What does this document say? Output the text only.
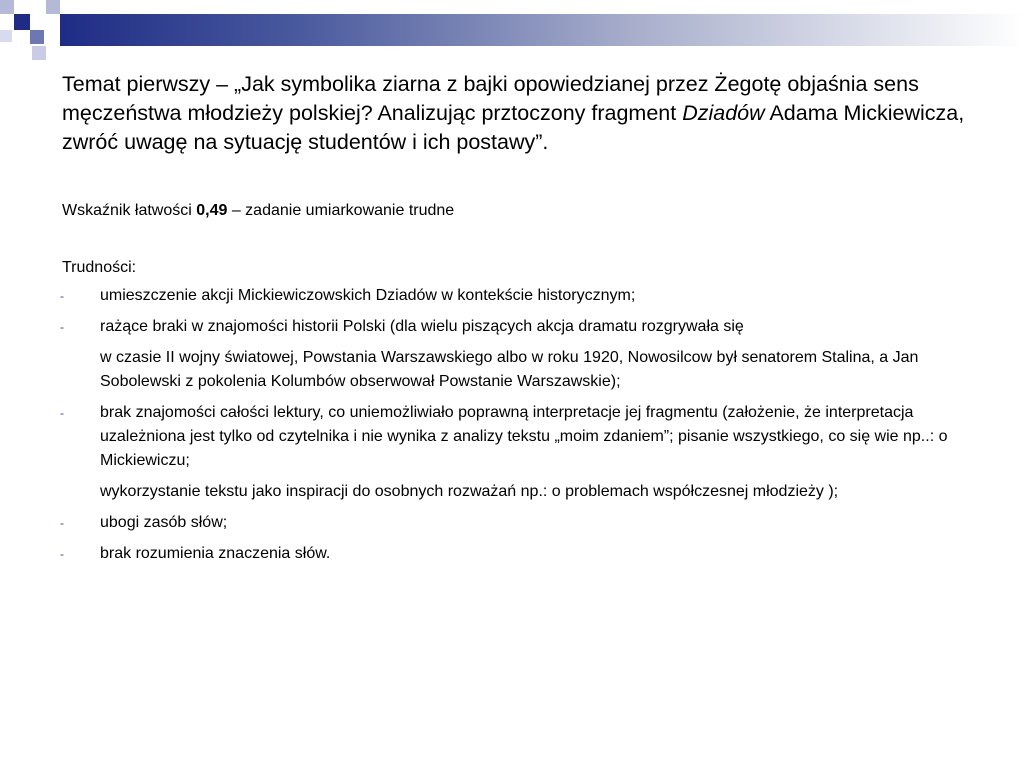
Temat pierwszy – „Jak symbolika ziarna z bajki opowiedzianej przez Żegotę objaśnia sens męczeństwa młodzieży polskiej? Analizując prztoczony fragment Dziadów Adama Mickiewicza, zwróć uwagę na sytuację studentów i ich postawy”.

Wskaźnik łatwości 0,49 – zadanie umiarkowanie trudne

Trudności:

- umieszczenie akcji Mickiewiczowskich Dziadów w kontekście historycznym;
- rażące braki w znajomości historii Polski (dla wielu piszących akcja dramatu rozgrywała się
w czasie II wojny światowej, Powstania Warszawskiego albo w roku 1920, Nowosilcow był senatorem Stalina, a Jan Sobolewski z pokolenia Kolumbów obserwował Powstanie Warszawskie);
- brak znajomości całości lektury, co uniemożliwiało poprawną interpretacje jej fragmentu (założenie, że interpretacja uzależniona jest tylko od czytelnika i nie wynika z analizy tekstu „moim zdaniem”; pisanie wszystkiego, co się wie np..: o Mickiewiczu;
wykorzystanie tekstu jako inspiracji do osobnych rozważań np.: o problemach współczesnej młodzieży );
- ubogi zasób słów;
- brak rozumienia znaczenia słów.
